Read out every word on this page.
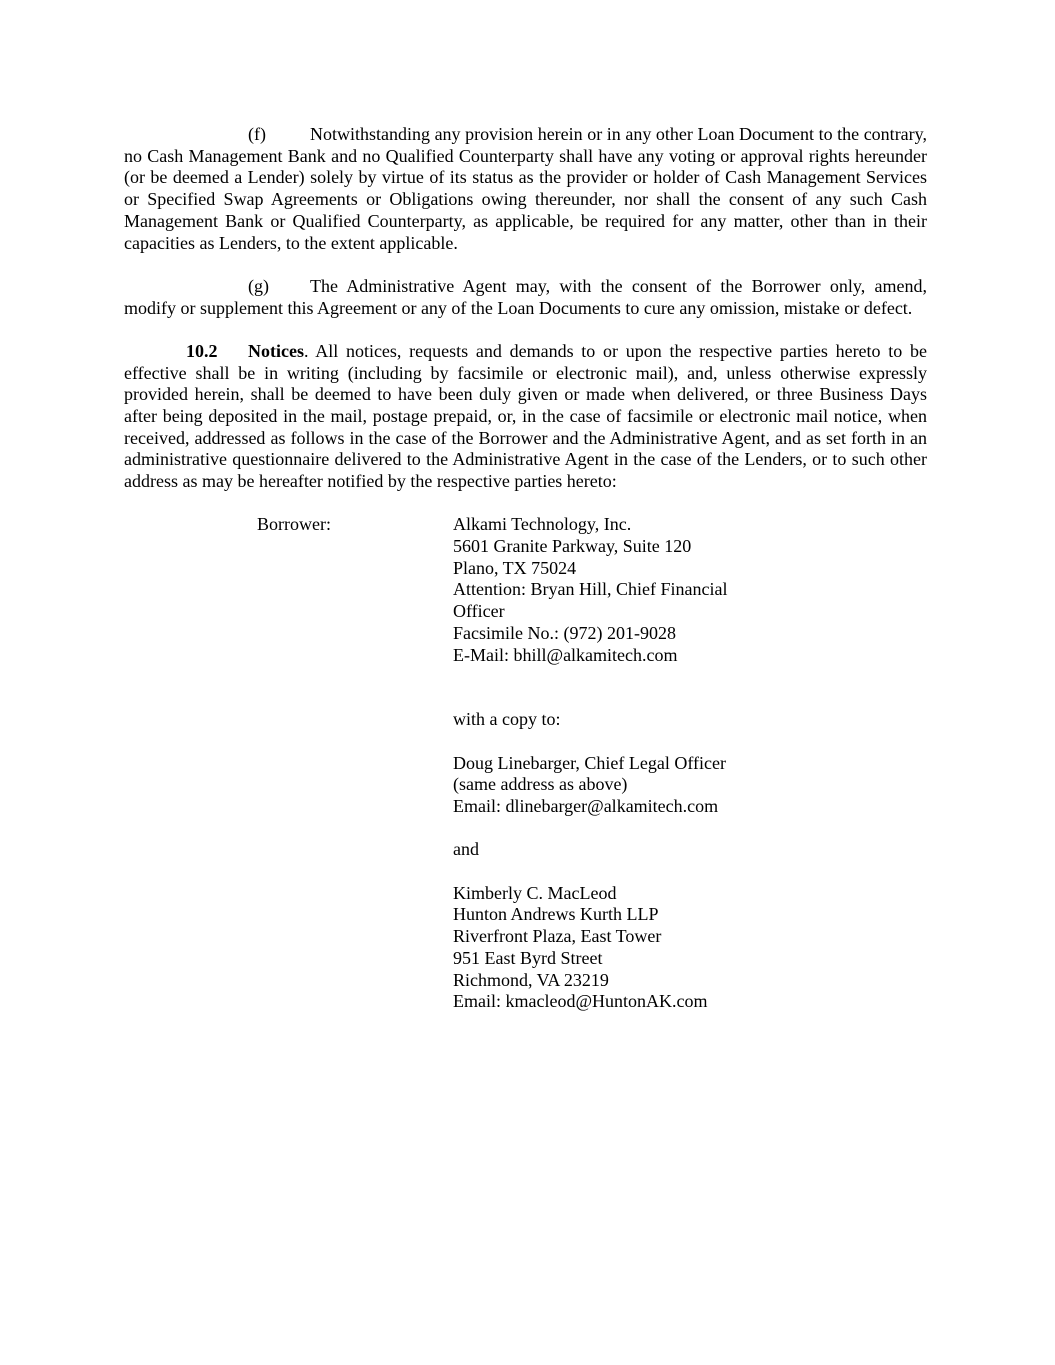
(f) Notwithstanding any provision herein or in any other Loan Document to the contrary, no Cash Management Bank and no Qualified Counterparty shall have any voting or approval rights hereunder (or be deemed a Lender) solely by virtue of its status as the provider or holder of Cash Management Services or Specified Swap Agreements or Obligations owing thereunder, nor shall the consent of any such Cash Management Bank or Qualified Counterparty, as applicable, be required for any matter, other than in their capacities as Lenders, to the extent applicable.

(g) The Administrative Agent may, with the consent of the Borrower only, amend, modify or supplement this Agreement or any of the Loan Documents to cure any omission, mistake or defect.

10.2 Notices. All notices, requests and demands to or upon the respective parties hereto to be effective shall be in writing (including by facsimile or electronic mail), and, unless otherwise expressly provided herein, shall be deemed to have been duly given or made when delivered, or three Business Days after being deposited in the mail, postage prepaid, or, in the case of facsimile or electronic mail notice, when received, addressed as follows in the case of the Borrower and the Administrative Agent, and as set forth in an administrative questionnaire delivered to the Administrative Agent in the case of the Lenders, or to such other address as may be hereafter notified by the respective parties hereto:

Borrower:	Alkami Technology, Inc.
5601 Granite Parkway, Suite 120
Plano, TX 75024
Attention: Bryan Hill, Chief Financial
Officer
Facsimile No.: (972) 201-9028
E-Mail: bhill@alkamitech.com
with a copy to:
Doug Linebarger, Chief Legal Officer
(same address as above)
Email: dlinebarger@alkamitech.com
and
Kimberly C. MacLeod
Hunton Andrews Kurth LLP
Riverfront Plaza, East Tower
951 East Byrd Street
Richmond, VA 23219
Email: kmacleod@HuntonAK.com
